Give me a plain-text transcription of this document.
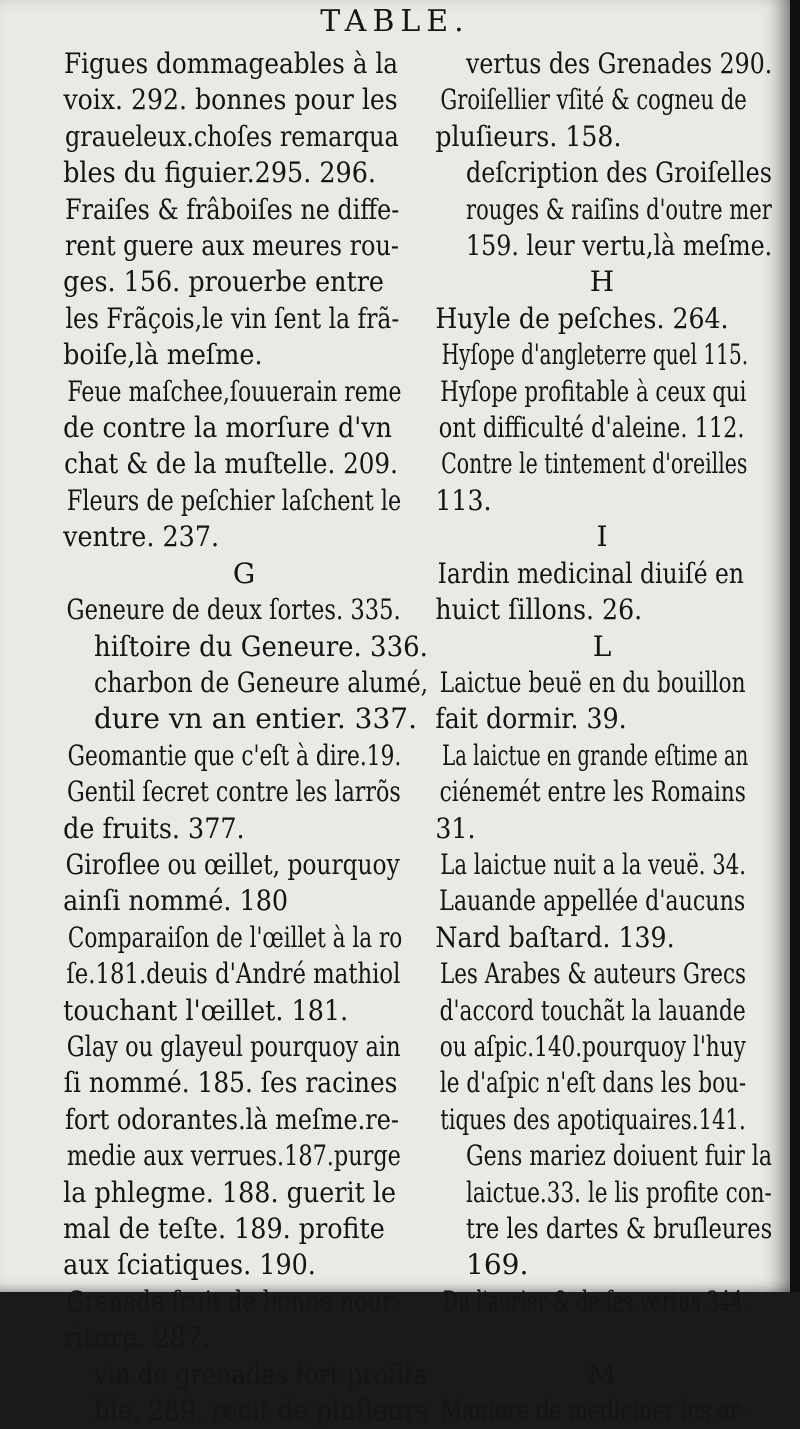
TABLE.
Figues dommageables à la
voix. 292. bonnes pour les
graueleux.choſes remarqua
bles du figuier.295. 296.
Fraiſes & frâboiſes ne diffe-
rent guere aux meures rou-
ges. 156. prouerbe entre
les Frãçois,le vin ſent la frã-
boiſe,là meſme.
Feue maſchee,ſouuerain reme
de contre la morſure d'vn
chat & de la muſtelle. 209.
Fleurs de peſchier laſchent le
ventre. 237.
G
Geneure de deux ſortes. 335.
hiſtoire du Geneure. 336.
charbon de Geneure alumé,
dure vn an entier. 337.
Geomantie que c'eſt à dire.19.
Gentil ſecret contre les larrõs
de fruits. 377.
Giroflee ou œillet, pourquoy
ainſi nommé. 180
Comparaiſon de l'œillet à la ro
ſe.181.deuis d'André mathiol
touchant l'œillet. 181.
Glay ou glayeul pourquoy ain
ſi nommé. 185. ſes racines
fort odorantes.là meſme.re-
medie aux verrues.187.purge
la phlegme. 188. guerit le
mal de teſte. 189. profite
aux ſciatiques. 190.
Grenade fruit de bonne nour-
riture. 287.
vin de grenades fort profita
ble. 289. recit de pluſieurs
vertus des Grenades 290.
Groiſellier vſité & cogneu de
pluſieurs. 158.
deſcription des Groiſelles
rouges & raiſins d'outre mer
159. leur vertu,là meſme.
H
Huyle de peſches. 264.
Hyſope d'angleterre quel 115.
Hyſope profitable à ceux qui
ont difficulté d'aleine. 112.
Contre le tintement d'oreilles
113.
I
Iardin medicinal diuiſé en
huict ſillons. 26.
L
Laictue beuë en du bouillon
fait dormir. 39.
La laictue en grande eſtime an
ciénemét entre les Romains
31.
La laictue nuit a la veuë. 34.
Lauande appellée d'aucuns
Nard baſtard. 139.
Les Arabes & auteurs Grecs
d'accord touchãt la lauande
ou aſpic.140.pourquoy l'huy
le d'aſpic n'eſt dans les bou-
tiques des apotiquaires.141.
Gens mariez doiuent fuir la
laictue.33. le lis profite con-
tre les dartes & bruſleures
169.
Du l'aurier & de ſes vertus.344.
M
Maniere de mediciner les ar-
